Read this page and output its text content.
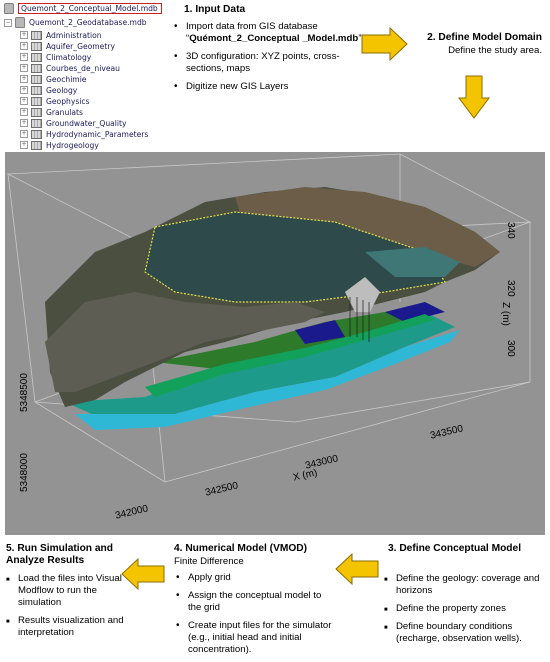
Quemont_2_Conceptual_Model.mdb
− Quemont_2_Geodatabase.mdb
+	Administration
+	Aquifer_Geometry
+	Climatology
+	Courbes_de_niveau
+	Geochimie
+	Geology
+	Geophysics
+	Granulats
+	Groundwater_Quality
+	Hydrodynamic_Parameters
+	Hydrogeology
1. Input Data
• Import data from GIS database “Quémont_2_Conceptual _Model.mdb”
• 3D configuration: XYZ points, cross-sections, maps
• Digitize new GIS Layers
2. Define Model Domain
Define the study area.
340
320
300
Z (m)
X (m)
5348000
5348500
342000
342500
343000
343500
3. Define Conceptual Model
■ Define the geology: coverage and horizons
■ Define the property zones
■ Define boundary conditions (recharge, observation wells).
4. Numerical Model (VMOD)
Finite Difference
• Apply grid
• Assign the conceptual model to the grid
• Create input files for the simulator (e.g., initial head and initial concentration).
5. Run Simulation and Analyze Results
■ Load the files into Visual Modflow to run the simulation
■ Results visualization and interpretation
